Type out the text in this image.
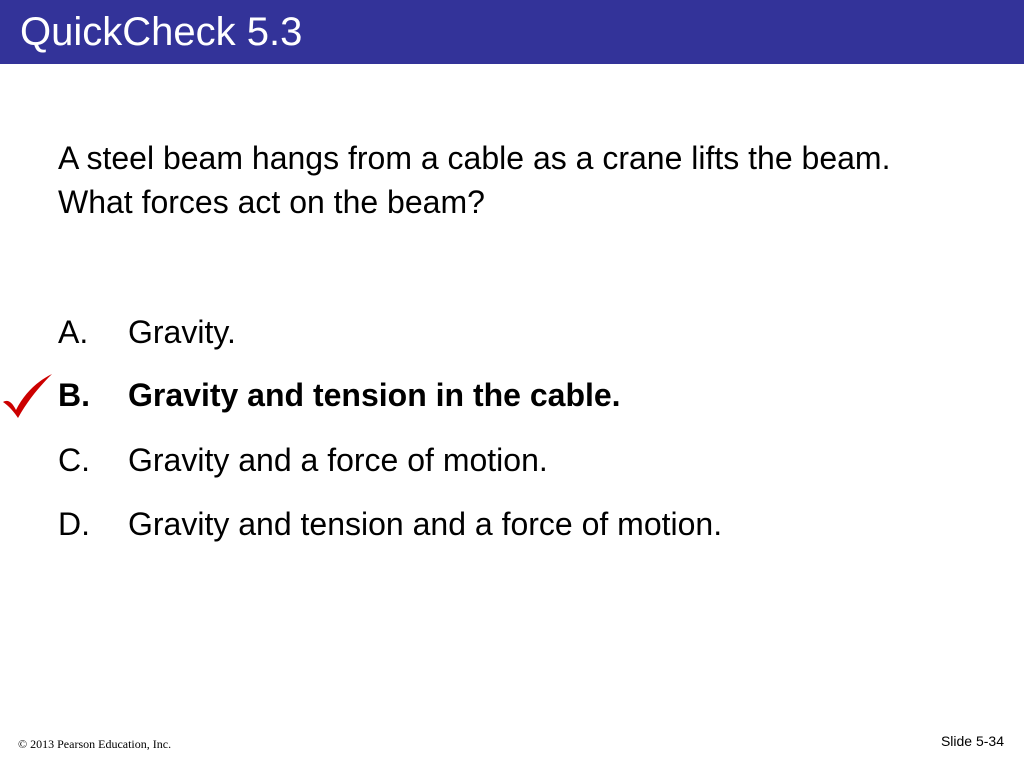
QuickCheck 5.3
A steel beam hangs from a cable as a crane lifts the beam. What forces act on the beam?
A. Gravity.
B. Gravity and tension in the cable.
C. Gravity and a force of motion.
D. Gravity and tension and a force of motion.
© 2013 Pearson Education, Inc.	Slide 5-34
